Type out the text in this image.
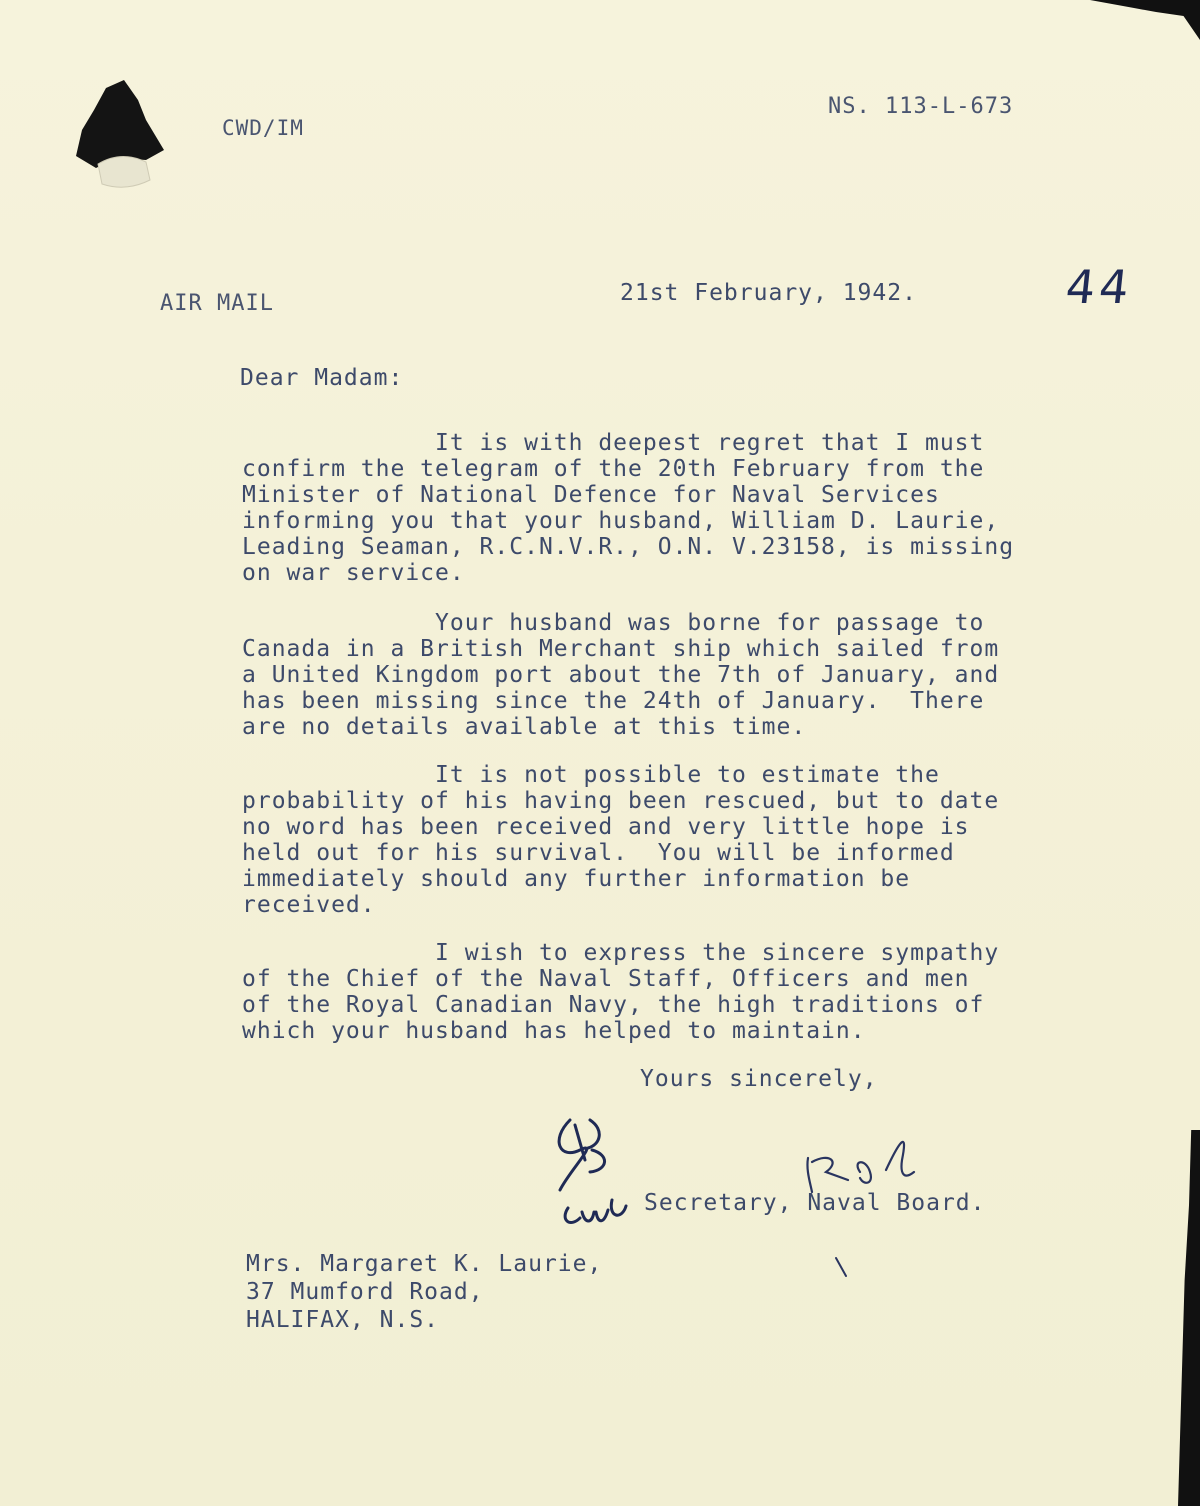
CWD/IM
NS. 113-L-673
AIR MAIL	21st February, 1942.	44
Dear Madam:
It is with deepest regret that I must
confirm the telegram of the 20th February from the
Minister of National Defence for Naval Services
informing you that your husband, William D. Laurie,
Leading Seaman, R.C.N.V.R., O.N. V.23158, is missing
on war service.
Your husband was borne for passage to
Canada in a British Merchant ship which sailed from
a United Kingdom port about the 7th of January, and
has been missing since the 24th of January.  There
are no details available at this time.
It is not possible to estimate the
probability of his having been rescued, but to date
no word has been received and very little hope is
held out for his survival.  You will be informed
immediately should any further information be
received.
I wish to express the sincere sympathy
of the Chief of the Naval Staff, Officers and men
of the Royal Canadian Navy, the high traditions of
which your husband has helped to maintain.
Yours sincerely,
Secretary, Naval Board.
Mrs. Margaret K. Laurie,
37 Mumford Road,
HALIFAX, N.S.
